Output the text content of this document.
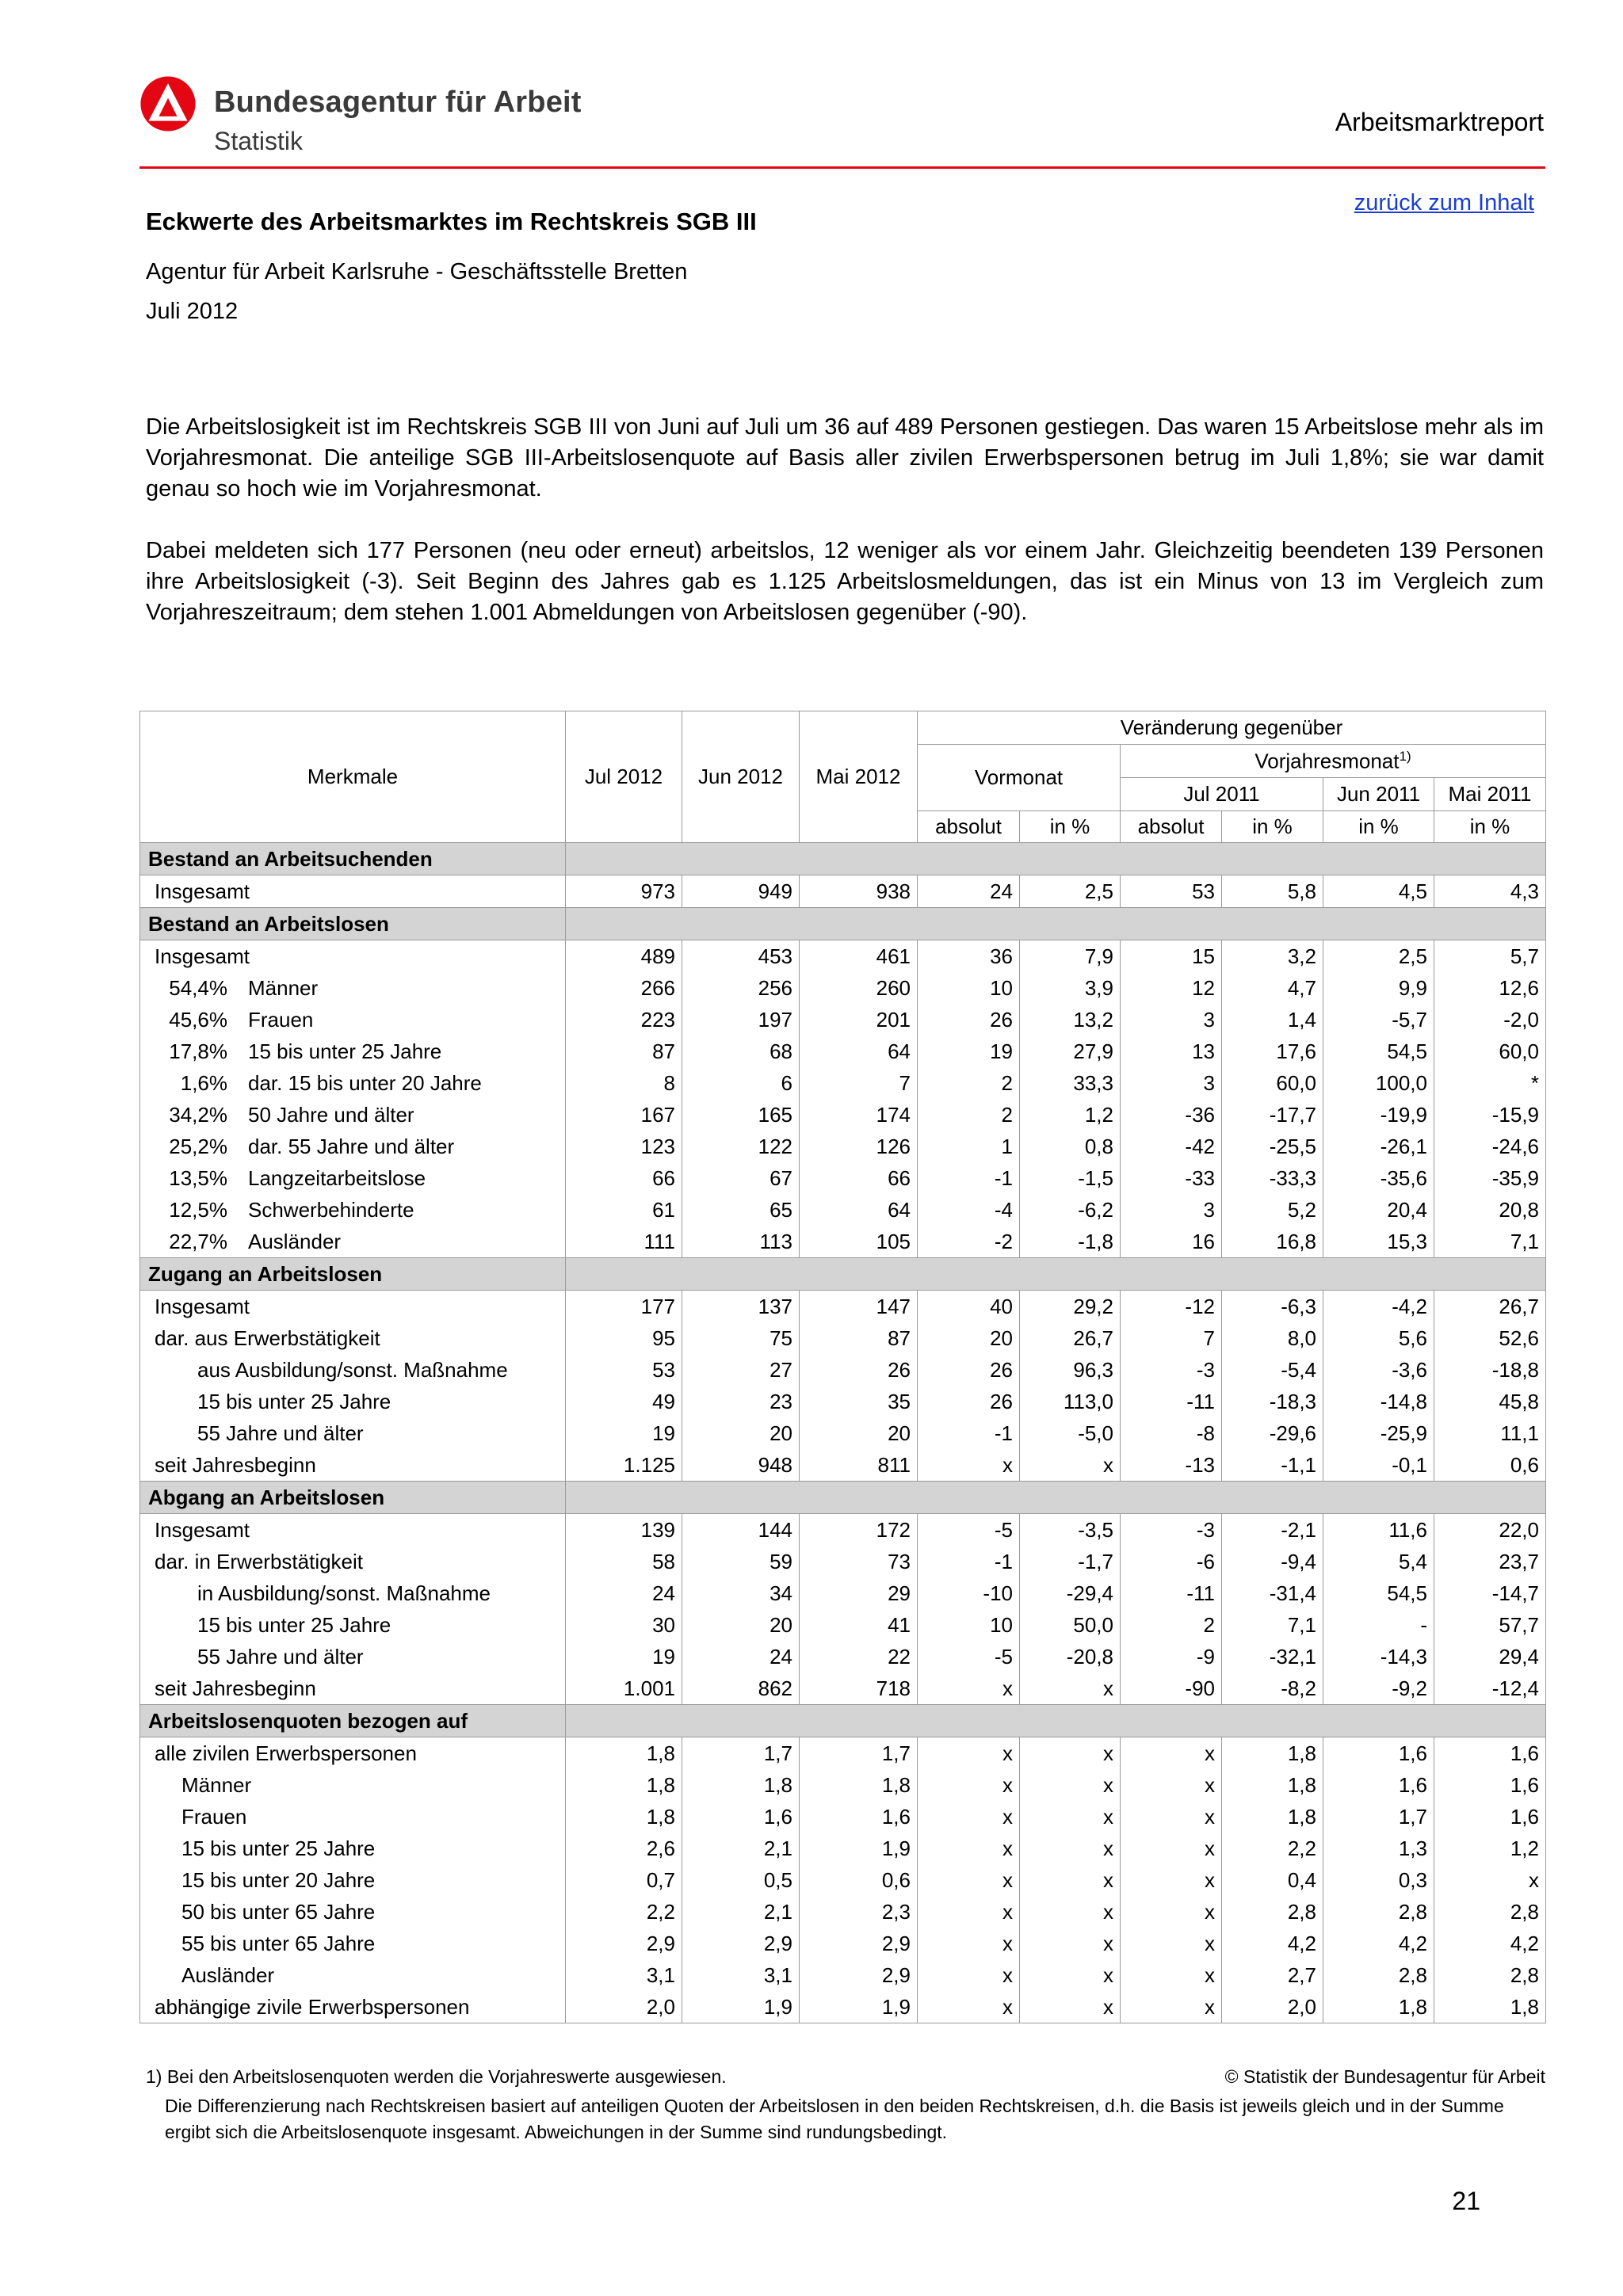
Bundesagentur für Arbeit
Statistik
Arbeitsmarktreport
Eckwerte des Arbeitsmarktes im Rechtskreis SGB III
zurück zum Inhalt
Agentur für Arbeit Karlsruhe - Geschäftsstelle Bretten
Juli 2012

Die Arbeitslosigkeit ist im Rechtskreis SGB III von Juni auf Juli um 36 auf 489 Personen gestiegen. Das waren 15 Arbeitslose mehr als im Vorjahresmonat. Die anteilige SGB III-Arbeitslosenquote auf Basis aller zivilen Erwerbspersonen betrug im Juli 1,8%; sie war damit genau so hoch wie im Vorjahresmonat.

Dabei meldeten sich 177 Personen (neu oder erneut) arbeitslos, 12 weniger als vor einem Jahr. Gleichzeitig beendeten 139 Personen ihre Arbeitslosigkeit (-3). Seit Beginn des Jahres gab es 1.125 Arbeitslosmeldungen, das ist ein Minus von 13 im Vergleich zum Vorjahreszeitraum; dem stehen 1.001 Abmeldungen von Arbeitslosen gegenüber (-90).

Merkmale	Jul 2012	Jun 2012	Mai 2012	Veränderung gegenüber					
				Vormonat		Vorjahresmonat$^{1)}$
						Jul 2011		Jun 2011	Mai 2011
				absolut	in %	absolut	in %	in %	in %
Bestand an Arbeitsuchenden									
Insgesamt	973	949	938	24	2,5	53	5,8	4,5	4,3
Bestand an Arbeitslosen									
Insgesamt	489	453	461	36	7,9	15	3,2	2,5	5,7
54,4% Männer	266	256	260	10	3,9	12	4,7	9,9	12,6
45,6% Frauen	223	197	201	26	13,2	3	1,4	-5,7	-2,0
17,8% 15 bis unter 25 Jahre	87	68	64	19	27,9	13	17,6	54,5	60,0
1,6% dar. 15 bis unter 20 Jahre	8	6	7	2	33,3	3	60,0	100,0	*
34,2% 50 Jahre und älter	167	165	174	2	1,2	-36	-17,7	-19,9	-15,9
25,2% dar. 55 Jahre und älter	123	122	126	1	0,8	-42	-25,5	-26,1	-24,6
13,5% Langzeitarbeitslose	66	67	66	-1	-1,5	-33	-33,3	-35,6	-35,9
12,5% Schwerbehinderte	61	65	64	-4	-6,2	3	5,2	20,4	20,8
22,7% Ausländer	111	113	105	-2	-1,8	16	16,8	15,3	7,1
Zugang an Arbeitslosen									
Insgesamt	177	137	147	40	29,2	-12	-6,3	-4,2	26,7
dar. aus Erwerbstätigkeit	95	75	87	20	26,7	7	8,0	5,6	52,6
aus Ausbildung/sonst. Maßnahme	53	27	26	26	96,3	-3	-5,4	-3,6	-18,8
15 bis unter 25 Jahre	49	23	35	26	113,0	-11	-18,3	-14,8	45,8
55 Jahre und älter	19	20	20	-1	-5,0	-8	-29,6	-25,9	11,1
seit Jahresbeginn	1.125	948	811	x	x	-13	-1,1	-0,1	0,6
Abgang an Arbeitslosen									
Insgesamt	139	144	172	-5	-3,5	-3	-2,1	11,6	22,0
dar. in Erwerbstätigkeit	58	59	73	-1	-1,7	-6	-9,4	5,4	23,7
in Ausbildung/sonst. Maßnahme	24	34	29	-10	-29,4	-11	-31,4	54,5	-14,7
15 bis unter 25 Jahre	30	20	41	10	50,0	2	7,1	-	57,7
55 Jahre und älter	19	24	22	-5	-20,8	-9	-32,1	-14,3	29,4
seit Jahresbeginn	1.001	862	718	x	x	-90	-8,2	-9,2	-12,4
Arbeitslosenquoten bezogen auf									
alle zivilen Erwerbspersonen	1,8	1,7	1,7	x	x	x	1,8	1,6	1,6
Männer	1,8	1,8	1,8	x	x	x	1,8	1,6	1,6
Frauen	1,8	1,6	1,6	x	x	x	1,8	1,7	1,6
15 bis unter 25 Jahre	2,6	2,1	1,9	x	x	x	2,2	1,3	1,2
15 bis unter 20 Jahre	0,7	0,5	0,6	x	x	x	0,4	0,3	x
50 bis unter 65 Jahre	2,2	2,1	2,3	x	x	x	2,8	2,8	2,8
55 bis unter 65 Jahre	2,9	2,9	2,9	x	x	x	4,2	4,2	4,2
Ausländer	3,1	3,1	2,9	x	x	x	2,7	2,8	2,8
abhängige zivile Erwerbspersonen	2,0	1,9	1,9	x	x	x	2,0	1,8	1,8
1) Bei den Arbeitslosenquoten werden die Vorjahreswerte ausgewiesen.	© Statistik der Bundesagentur für Arbeit

Die Differenzierung nach Rechtskreisen basiert auf anteiligen Quoten der Arbeitslosen in den beiden Rechtskreisen, d.h. die Basis ist jeweils gleich und in der Summe ergibt sich die Arbeitslosenquote insgesamt. Abweichungen in der Summe sind rundungsbedingt.

21
